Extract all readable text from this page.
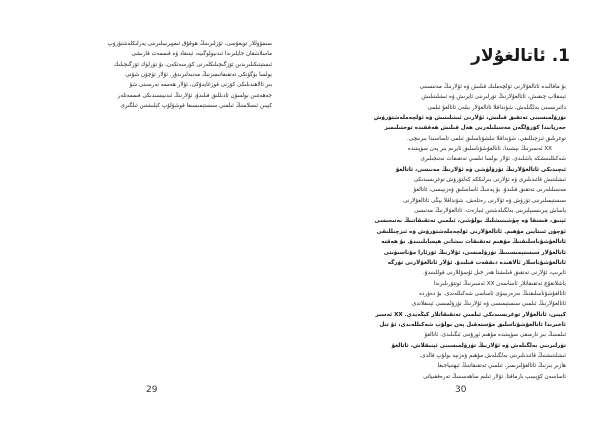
سىمۋوللار تويغۇسى، ئۆزلىرىنىڭ ھوقۇق ئىمپېرىيىلىرىنى يەرلىكلەشتۈرۈپ
ماسلاشقان جايلىرىدا ئىدىيولوگىيە، ئېتىقاد ۋە قىممەت قارىشى
ئىستېتىكىلىرىدىن ئۆزگىچىلىكلەرنى كۆرسەتكەن، بۇ تۈرلۈك ئۆزگىچىلىك
بولسا بۈگۈنكى تەتقىقاتىمىزنىڭ مەنبەلىرىدۇر. ئۇلار ئۈچۈن شۇنى
بىر ئالاھىدىلىكى كۆزنى قوزغايدۇكى، ئۇلار ھەممە نەرسىنى شۇ
جەھەتتىن بولسۇن ئادىللىق قىلىدۇ، ئۇلارنىڭ ئىدىيىسىدىكى قىممەتلەر
كېيىن ئىسلامنىڭ ئىلمىي سىستېمىسىغا قوشۇلۇپ كېلىشتىن ئىلگىرى
1. ئاتالغۇلار
بۇ ماقالىدە ئاتالغۇلارنى ئۆلچەملىك قىلىش ۋە ئۇلارنىڭ مەنىسىنى
ئېنىقلاپ چىقىش، ئاتالغۇلارنىڭ تۈرلىرىنى ئايرىش ۋە ئىشلىتىلىش
دائىرىسىنى بەلگىلەش، شۇنداقلا ئاتالغۇلار بىلەن ئاتالغۇ ئىلمى
تۈزۈلمىسىنى تەتقىق قىلىش، ئۇلارنى ئىشلىتىش ۋە ئۆلچەملەشتۈرۈش
جەريانىدا كۆرۈلگەن مەسىلىلەرنى ھەل قىلىش ھەققىدە توختىلىمىز
توغرىلىق ئىزچىللىقى، شۇنداقلا تىلشۇناسلىق ئىلمى ئاساسىدا بىرىنچى.
XX ئەسىرنىڭ بېشىدا، ئاتالغۇشۇناسلىق ئايرىم بىر پەن سۈپىتىدە
شەكىللىنىشكە باشلىدى. ئۇلار بولسا ئىلمىي تەتقىقات نەتىجىلىرى
ئىچىدىكى ئاتالغۇلارنىڭ تۈزۈلۈشى ۋە ئۇلارنىڭ مەنىسى، ئاتالغۇ
ئىشلىتىش قائىدىلىرى ۋە ئۇلارنى بىرلىككە كەلتۈرۈش توغرىسىدىكى
مەسىلىلەرنى تەتقىق قىلىدۇ. بۇ پەننىڭ ئاساسلىق ۋەزىپىسى، ئاتالغۇ
سىستېمىلىرىنى تۈزۈش ۋە ئۇلارنى رەتلەش، شۇنداقلا يېڭى ئاتالغۇلارنى
ياساش پىرىنسىپلىرىنى بەلگىلەشتىن ئىبارەت. ئاتالغۇلارنىڭ مەنىسى
ئېنىق، قىسقا ۋە چۈشىنىشلىك بولۇشى، ئىلمىي تەتقىقاتنىڭ نەتىجىسى
ئۈچۈن ئىنتايىن مۇھىم. ئاتالغۇلارنى ئۆلچەملەشتۈرۈش ۋە ئىزچىللىقى
ئاتالغۇشۇناسلىقنىڭ مۇھىم تەتقىقات نىشانى ھېسابلىنىدۇ. بۇ ھەقتە
ئاتالغۇلار سىستېمىسىنىڭ تۈزۈلمىسى، ئۇلارنىڭ ئۆزئارا مۇناسىۋىتى
ئاتالغۇشۇناسلار ئالاھىدە دىققەت قىلىدۇ. ئۇلار ئاتالغۇلارنى تۈرگە
ئايرىپ، ئۇلارنى تەتقىق قىلىشتا ھەر خىل ئۇسۇللارنى قوللىنىدۇ.
باشلانغۇچ تەتقىقاتلار ئاساسەن XX ئەسىرنىڭ ئوتتۇرىلىرىدا
ئاتالغۇشۇناسلىقنىڭ نەزەرىيىۋى ئاساسى شەكىللەندى. بۇ دەۋردە
ئاتالغۇلارنىڭ ئىلمىي سىستېمىسى ۋە ئۇلارنىڭ تۈزۈلمىسى ئېنىقلاندى
كېيىن، ئاتالغۇلار توغرىسىدىكى ئىلمىي تەتقىقاتلار كېڭەيدى. XX ئەسىر
ئاخىرىدا ئاتالغۇشۇناسلىق مۇستەقىل پەن بولۇپ شەكىللەندى، ئۇ تىل
ئىلمىنىڭ بىر تارمىقى سۈپىتىدە مۇھىم ئورۇننى ئىگىلىدى. ئاتالغۇ
تۈرلىرىنى بەلگىلەش ۋە ئۇلارنىڭ تۈزۈلمىسىنى ئېنىقلاش، ئاتالغۇ
ئىشلىتىشنىڭ قائىدىلىرىنى بەلگىلەش مۇھىم ۋەزىپە بولۇپ قالدى.
ھازىر بىزنىڭ ئاتالغۇلىرىمىز، ئىلمىي تەتقىقاتنىڭ ئېھتىياجىغا
ئاساسەن كۆپىيىپ بارماقتا. ئۇلار ئىلىم ساھەسىنىڭ تەرەققىياتى
29	30
